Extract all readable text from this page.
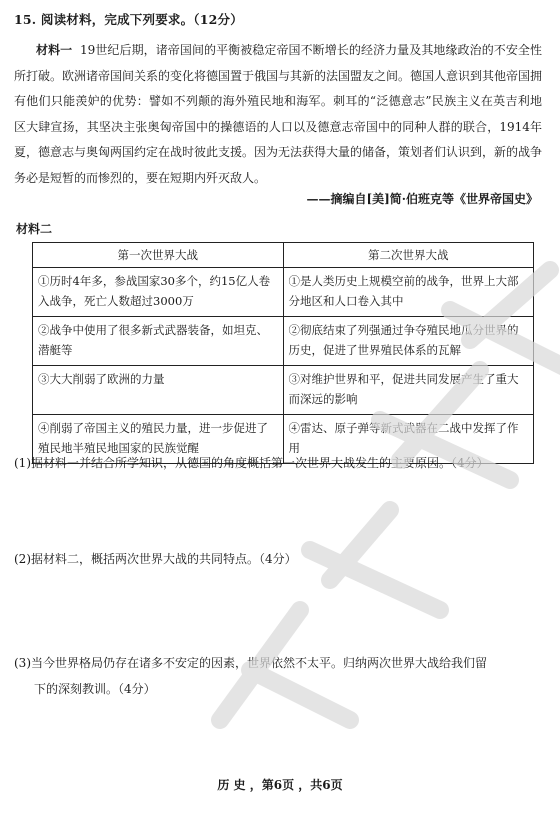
15. 阅读材料，完成下列要求。（12分）
材料一 19世纪后期，诸帝国间的平衡被稳定帝国不断增长的经济力量及其地缘政治的不安全性所打破。欧洲诸帝国间关系的变化将德国置于俄国与其新的法国盟友之间。德国人意识到其他帝国拥有他们只能羡妒的优势：譬如不列颠的海外殖民地和海军。刺耳的“泛德意志”民族主义在英吉利地区大肆宣扬，其坚决主张奥匈帝国中的操德语的人口以及德意志帝国中的同种人群的联合，1914年夏，德意志与奥匈两国约定在战时彼此支援。因为无法获得大量的储备，策划者们认识到，新的战争务必是短暂的而惨烈的，要在短期内歼灭敌人。
——摘编自[美]简·伯班克等《世界帝国史》
材料二
第一次世界大战	第二次世界大战
①历时4年多，参战国家30多个，约15亿人卷入战争，死亡人数超过3000万	①是人类历史上规模空前的战争，世界上大部分地区和人口卷入其中
②战争中使用了很多新式武器装备，如坦克、潜艇等	②彻底结束了列强通过争夺殖民地瓜分世界的历史，促进了世界殖民体系的瓦解
③大大削弱了欧洲的力量	③对维护世界和平，促进共同发展产生了重大而深远的影响
④削弱了帝国主义的殖民力量，进一步促进了殖民地半殖民地国家的民族觉醒	④雷达、原子弹等新式武器在二战中发挥了作用
(1)据材料一并结合所学知识，从德国的角度概括第一次世界大战发生的主要原因。（4分）
(2)据材料二，概括两次世界大战的共同特点。（4分）
(3)当今世界格局仍存在诸多不安定的因素，世界依然不太平。归纳两次世界大战给我们留
下的深刻教训。（4分）
历 史 ，第6页 ，共6页
